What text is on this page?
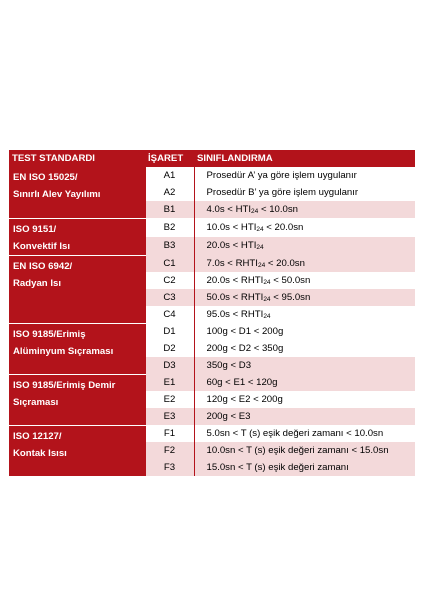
TEST STANDARDI	İŞARET	SINIFLANDIRMA
EN ISO 15025/
Sınırlı Alev Yayılımı	A1	Prosedür A’ ya göre işlem uygulanır
	A2	Prosedür B’ ya göre işlem uygulanır
	B1	$4.0s < HTI_{24} < 10.0sn$
ISO 9151/
Konvektif Isı	B2	$10.0s < HTI_{24} < 20.0sn$
	B3	$20.0s < HTI_{24}$
EN ISO 6942/
Radyan Isı	C1	$7.0s < RHTI_{24} < 20.0sn$
	C2	$20.0s < RHTI_{24} < 50.0sn$
	C3	$50.0s < RHTI_{24} < 95.0sn$
	C4	$95.0s < RHTI_{24}$
ISO 9185/Erimiş
Alüminyum Sıçraması	D1	100g < D1 < 200g
	D2	200g < D2 < 350g
	D3	350g < D3
ISO 9185/Erimiş Demir
Sıçraması	E1	60g < E1 < 120g
	E2	120g < E2 < 200g
	E3	200g < E3
ISO 12127/
Kontak Isısı	F1	5.0sn < T (s) eşik değeri zamanı < 10.0sn
	F2	10.0sn < T (s) eşik değeri zamanı < 15.0sn
	F3	15.0sn < T (s) eşik değeri zamanı
